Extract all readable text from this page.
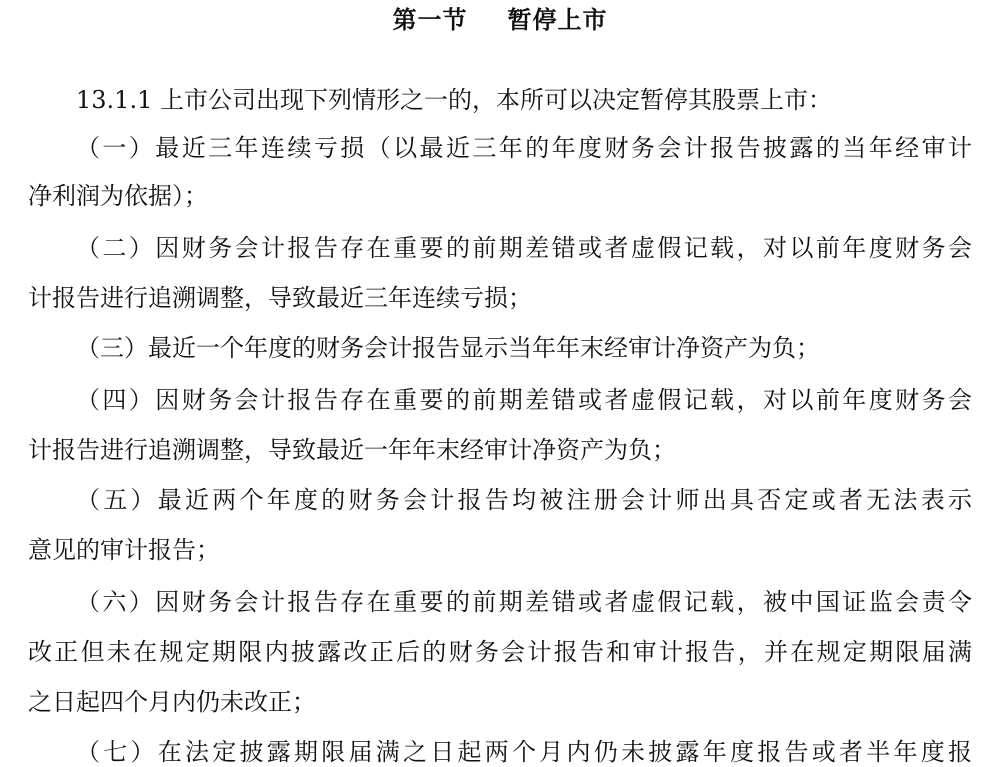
第一节 暂停上市
13.1.1 上市公司出现下列情形之一的，本所可以决定暂停其股票上市：
（一）最近三年连续亏损（以最近三年的年度财务会计报告披露的当年经审计
净利润为依据）；
（二）因财务会计报告存在重要的前期差错或者虚假记载，对以前年度财务会
计报告进行追溯调整，导致最近三年连续亏损；
（三）最近一个年度的财务会计报告显示当年年末经审计净资产为负；
（四）因财务会计报告存在重要的前期差错或者虚假记载，对以前年度财务会
计报告进行追溯调整，导致最近一年年末经审计净资产为负；
（五）最近两个年度的财务会计报告均被注册会计师出具否定或者无法表示
意见的审计报告；
（六）因财务会计报告存在重要的前期差错或者虚假记载，被中国证监会责令
改正但未在规定期限内披露改正后的财务会计报告和审计报告，并在规定期限届满
之日起四个月内仍未改正；
（七）在法定披露期限届满之日起两个月内仍未披露年度报告或者半年度报
